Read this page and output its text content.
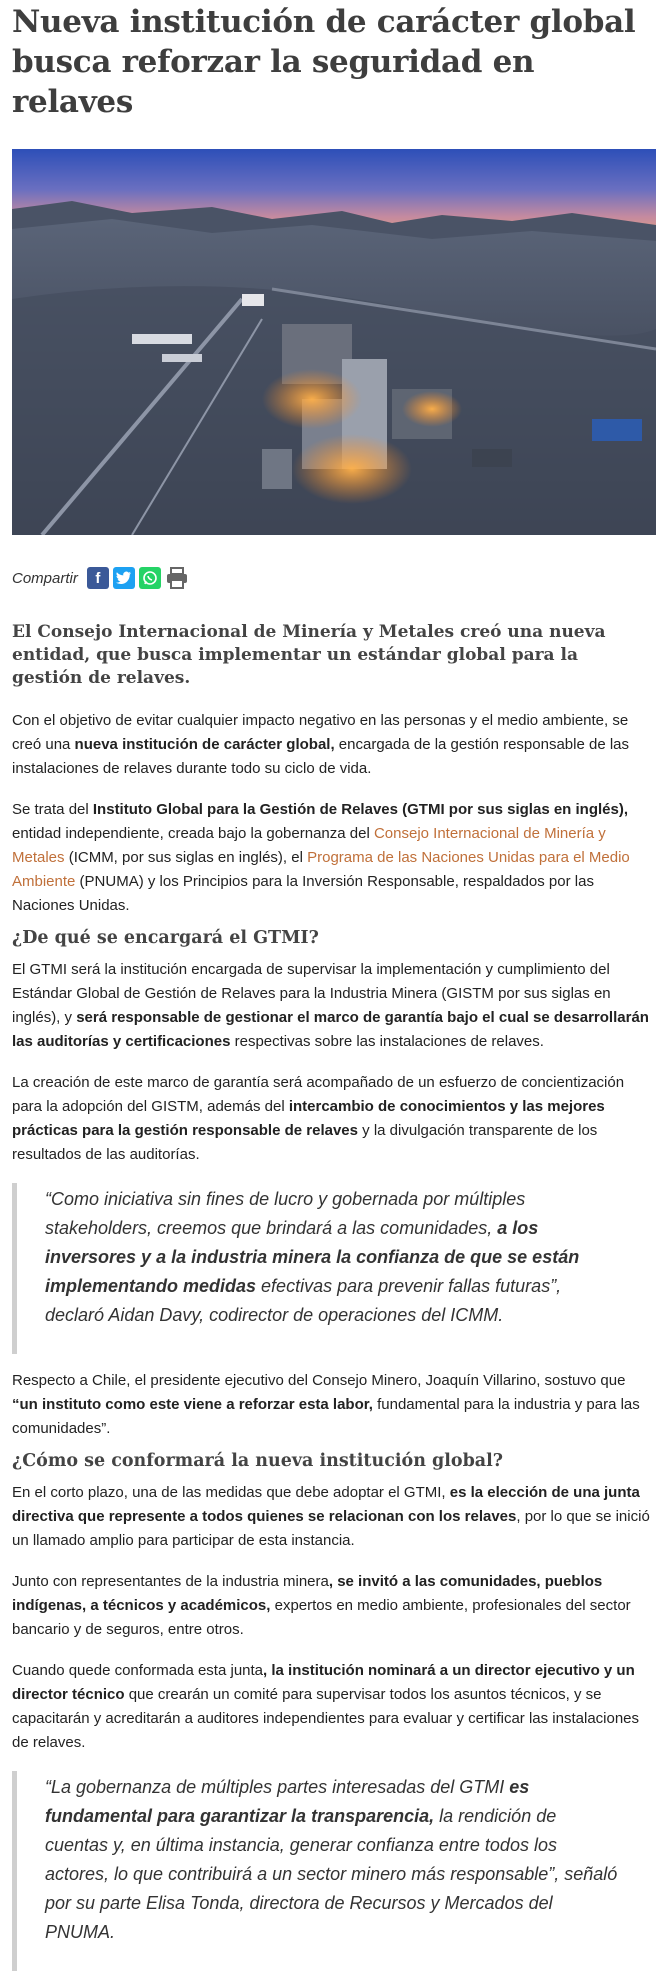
Nueva institución de carácter global busca reforzar la seguridad en relaves
Compartir	f

El Consejo Internacional de Minería y Metales creó una nueva entidad, que busca implementar un estándar global para la gestión de relaves.

Con el objetivo de evitar cualquier impacto negativo en las personas y el medio ambiente, se creó una nueva institución de carácter global, encargada de la gestión responsable de las instalaciones de relaves durante todo su ciclo de vida.

Se trata del Instituto Global para la Gestión de Relaves (GTMI por sus siglas en inglés), entidad independiente, creada bajo la gobernanza del Consejo Internacional de Minería y Metales (ICMM, por sus siglas en inglés), el Programa de las Naciones Unidas para el Medio Ambiente (PNUMA) y los Principios para la Inversión Responsable, respaldados por las Naciones Unidas.

¿De qué se encargará el GTMI?

El GTMI será la institución encargada de supervisar la implementación y cumplimiento del Estándar Global de Gestión de Relaves para la Industria Minera (GISTM por sus siglas en inglés), y será responsable de gestionar el marco de garantía bajo el cual se desarrollarán las auditorías y certificaciones respectivas sobre las instalaciones de relaves.

La creación de este marco de garantía será acompañado de un esfuerzo de concientización para la adopción del GISTM, además del intercambio de conocimientos y las mejores prácticas para la gestión responsable de relaves y la divulgación transparente de los resultados de las auditorías.

“Como iniciativa sin fines de lucro y gobernada por múltiples stakeholders, creemos que brindará a las comunidades, a los inversores y a la industria minera la confianza de que se están implementando medidas efectivas para prevenir fallas futuras”, declaró Aidan Davy, codirector de operaciones del ICMM.

Respecto a Chile, el presidente ejecutivo del Consejo Minero, Joaquín Villarino, sostuvo que “un instituto como este viene a reforzar esta labor, fundamental para la industria y para las comunidades”.

¿Cómo se conformará la nueva institución global?

En el corto plazo, una de las medidas que debe adoptar el GTMI, es la elección de una junta directiva que represente a todos quienes se relacionan con los relaves, por lo que se inició un llamado amplio para participar de esta instancia.

Junto con representantes de la industria minera, se invitó a las comunidades, pueblos indígenas, a técnicos y académicos, expertos en medio ambiente, profesionales del sector bancario y de seguros, entre otros.

Cuando quede conformada esta junta, la institución nominará a un director ejecutivo y un director técnico que crearán un comité para supervisar todos los asuntos técnicos, y se capacitarán y acreditarán a auditores independientes para evaluar y certificar las instalaciones de relaves.

“La gobernanza de múltiples partes interesadas del GTMI es fundamental para garantizar la transparencia, la rendición de cuentas y, en última instancia, generar confianza entre todos los actores, lo que contribuirá a un sector minero más responsable”, señaló por su parte Elisa Tonda, directora de Recursos y Mercados del PNUMA.
